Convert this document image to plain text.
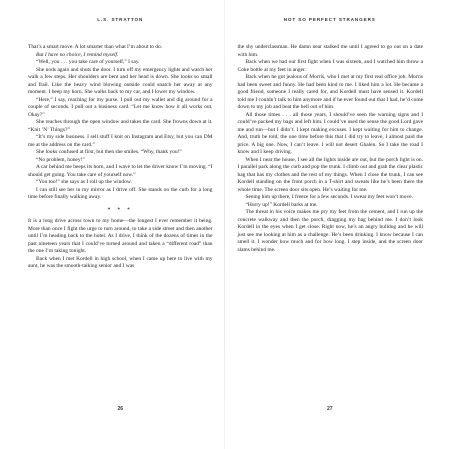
L.S. STRATTON

That’s a smart move. A lot smarter than what I’m about to do.

But I have no choice, I remind myself.

“Well, you . . . you take care of yourself,” I say.

She nods again and shuts the door. I turn off my emergency lights and watch her walk a few steps. Her shoulders are bent and her head is down. She looks so small and frail. Like the heavy wind blowing outside could snatch her away at any moment. I beep my horn. She walks back to my car, and I lower my window.

“Here,” I say, reaching for my purse. I pull out my wallet and dig around for a couple of seconds. I pull out a business card. “Let me know how it all works out. Okay?”

She reaches through the open window and takes the card. She frowns down at it. “Knit ’N’ Things?”

“It’s my side business. I sell stuff I knit on Instagram and Etsy, but you can DM me at the address on the card.”

She looks confused at first, but then she smiles. “Why, thank you!”

“No problem, honey!”

A car behind me beeps its horn, and I wave to let the driver know I’m moving. “I should get going. You take care of yourself now.”

“You too!” she says as I roll up the window.

I can still see her in my mirror as I drive off. She stands on the curb for a long time before finally walking away.

* * *

It is a long drive across town to my home—the longest I ever remember it being. More than once I fight the urge to turn around, to take a side street and then another until I’m heading back to the hotel. As I drive, I think of the dozens of times in the past nineteen years that I could’ve turned around and taken a “different road” than the one I’m taking tonight.

Back when I met Kordell in high school, when I came up here to live with my aunt, he was the smooth-talking senior and I was

26
NOT SO PERFECT STRANGERS

the shy underclassman. He damn near stalked me until I agreed to go out on a date with him.

Back when we had our first fight when I was sixteen, and I watched him throw a Coke bottle at my feet in anger.

Back when he got jealous of Morris, who I met at my first real office job. Morris had been sweet and funny. He had been kind to me. I liked him a lot. He became a good friend, someone I really cared for, and Kordell must have sensed it. Kordell told me I couldn’t talk to him anymore and if he ever found out that I had, he’d come down to my job and beat the hell out of him.

All those times . . . all those years, I should’ve seen the warning signs and I could’ve packed my bags and left him. I could’ve used the sense the good Lord gave me and run—but I didn’t. I kept making excuses. I kept waiting for him to change. And, truth be told, the one time before this that I did try to leave, I almost paid the price. A big one. Now, I can’t leave. I will not desert Ghalen. So I take the road I know and I keep driving.

When I near the house, I see all the lights inside are out, but the porch light is on. I parallel park along the curb and pop the trunk. I climb out and grab the clear plastic bag that has my clothes and the rest of my things. When I close the trunk, I can see Kordell standing on the front porch in a T-shirt and sweats like he’s been there the whole time. The screen door sits open. He’s waiting for me.

Seeing him up there, I freeze for a few seconds. I swear my feet won’t move.

“Hurry up!” Kordell barks at me.

The threat in his voice makes me pry my feet from the cement, and I run up the concrete walkway and then the porch, dragging my bag behind me. I don’t look Kordell in the eyes when I get close. Right now, he’s an angry bulldog and he will just see me looking at him as a challenge. He’s been drinking. I know because I can smell it. I wonder how much and for how long. I step inside, and the screen door slams behind me.

27
